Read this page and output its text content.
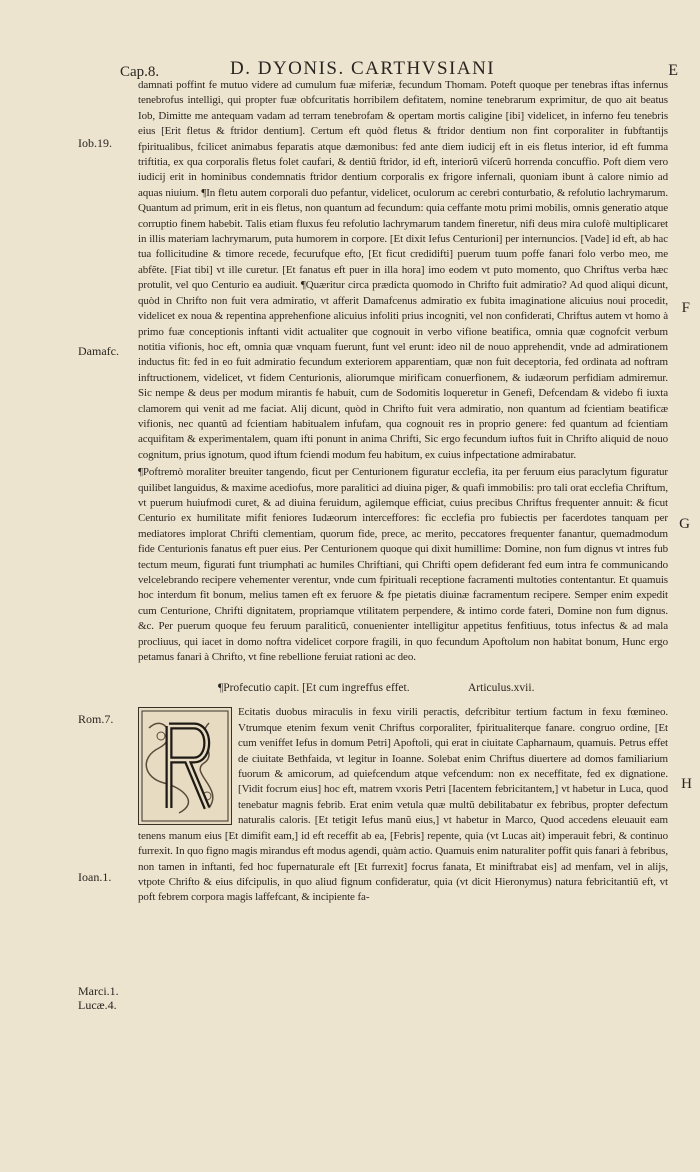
Cap.8.	D. DYONIS. CARTHVSIANI	E
Iob.19.
Damafc.
Rom.7.
Ioan.1.
Marci.1.
Lucæ.4.
F
G
H

damnati poffint fe mutuo videre ad cumulum fuæ miferiæ, fecundum Thomam. Poteft quoque per tenebras iftas infernus tenebrofus intelligi, qui propter fuæ obfcuritatis horribilem defitatem, nomine tenebrarum exprimitur, de quo ait beatus Iob, Dimitte me antequam vadam ad terram tenebrofam & opertam mortis caligine [ibi] videlicet, in inferno feu tenebris eius [Erit fletus & ftridor dentium]. Certum eft quòd fletus & ftridor dentium non fint corporaliter in fubftantijs fpiritualibus, fcilicet animabus feparatis atque dæmonibus: fed ante diem iudicij eft in eis fletus interior, id eft fumma triftitia, ex qua corporalis fletus folet caufari, & dentiũ ftridor, id eft, interiorũ viſcerũ horrenda concuffio. Poft diem vero iudicij erit in hominibus condemnatis ftridor dentium corporalis ex frigore infernali, quoniam ibunt à calore nimio ad aquas niuium. ¶In fletu autem corporali duo pefantur, videlicet, oculorum ac cerebri conturbatio, & refolutio lachrymarum. Quantum ad primum, erit in eis fletus, non quantum ad fecundum: quia ceffante motu primi mobilis, omnis generatio atque corruptio finem habebit. Talis etiam fluxus feu refolutio lachrymarum tandem fineretur, nifi deus mira culofè multiplicaret in illis materiam lachrymarum, puta humorem in corpore. [Et dixit Iefus Centurioni] per internuncios. [Vade] id eft, ab hac tua follicitudine & timore recede, fecurufque efto, [Et ficut credidifti] puerum tuum poffe fanari folo verbo meo, me abfẽte. [Fiat tibi] vt ille curetur. [Et fanatus eft puer in illa hora] imo eodem vt puto momento, quo Chriftus verba hæc protulit, vel quo Centurio ea audiuit. ¶Quæritur circa prædicta quomodo in Chrifto fuit admiratio? Ad quod aliqui dicunt, quòd in Chrifto non fuit vera admiratio, vt afferit Damafcenus admiratio ex fubita imaginatione alicuius noui procedit, videlicet ex noua & repentina apprehenfione alicuius infoliti prius incogniti, vel non confiderati, Chriftus autem vt homo à primo fuæ conceptionis inftanti vidit actualiter que cognouit in verbo vifione beatifica, omnia quæ cognofcit verbum notitia vifionis, hoc eft, omnia quæ vnquam fuerunt, funt vel erunt: ideo nil de nouo apprehendit, vnde ad admirationem inductus fit: fed in eo fuit admiratio fecundum exteriorem apparentiam, quæ non fuit deceptoria, fed ordinata ad noftram inftructionem, videlicet, vt fidem Centurionis, aliorumque mirificam conuerfionem, & iudæorum perfidiam admiremur. Sic nempe & deus per modum mirantis fe habuit, cum de Sodomitis loqueretur in Genefi, Defcendam & videbo fi iuxta clamorem qui venit ad me faciat. Alij dicunt, quòd in Chrifto fuit vera admiratio, non quantum ad fcientiam beatificæ vifionis, nec quantũ ad fcientiam habitualem infufam, qua cognouit res in proprio genere: fed quantum ad fcientiam acquifitam & experimentalem, quam ifti ponunt in anima Chrifti, Sic ergo fecundum iuftos fuit in Chrifto aliquid de nouo cognitum, prius ignotum, quod iftum fciendi modum feu habitum, ex cuius infpectatione admirabatur.

¶Poftremò moraliter breuiter tangendo, ficut per Centurionem figuratur ecclefia, ita per feruum eius paraclytum figuratur quilibet languidus, & maxime acediofus, more paralitici ad diuina piger, & quafi immobilis: pro tali orat ecclefia Chriftum, vt puerum huiufmodi curet, & ad diuina feruidum, agilemque efficiat, cuius precibus Chriftus frequenter annuit: & ficut Centurio ex humilitate mifit feniores Iudæorum interceffores: fic ecclefia pro fubiectis per facerdotes tanquam per mediatores implorat Chrifti clementiam, quorum fide, prece, ac merito, peccatores frequenter fanantur, quemadmodum fide Centurionis fanatus eft puer eius. Per Centurionem quoque qui dixit humillime: Domine, non fum dignus vt intres fub tectum meum, figurati funt triumphati ac humiles Chriftiani, qui Chrifti opem defiderant fed eum intra fe communicando velcelebrando recipere vehementer verentur, vnde cum fpirituali receptione facramenti multoties contentantur. Et quamuis hoc interdum fit bonum, melius tamen eft ex feruore & fpe pietatis diuinæ facramentum recipere. Semper enim expedit cum Centurione, Chrifti dignitatem, propriamque vtilitatem perpendere, & intimo corde fateri, Domine non fum dignus. &c. Per puerum quoque feu feruum paraliticũ, conuenienter intelligitur appetitus fenfitiuus, totus infectus & ad mala procliuus, qui iacet in domo noftra videlicet corpore fragili, in quo fecundum Apoftolum non habitat bonum, Hunc ergo petamus fanari à Chrifto, vt fine rebellione feruiat rationi ac deo.

¶Profecutio capit. [Et cum ingreffus effet.	Articulus.xvii.

Ecitatis duobus miraculis in fexu virili peractis, defcribitur tertium factum in fexu fœmineo. Vtrumque etenim fexum venit Chriftus corporaliter, fpiritualiterque fanare. congruo ordine, [Et cum veniffet Iefus in domum Petri] Apoftoli, qui erat in ciuitate Capharnaum, quamuis. Petrus effet de ciuitate Bethfaida, vt legitur in Ioanne. Solebat enim Chriftus diuertere ad domos familiarium fuorum & amicorum, ad quiefcendum atque vefcendum: non ex neceffitate, fed ex dignatione. [Vidit focrum eius] hoc eft, matrem vxoris Petri [Iacentem febricitantem,] vt habetur in Luca, quod tenebatur magnis febrib. Erat enim vetula quæ multũ debilitabatur ex febribus, propter defectum naturalis caloris. [Et tetigit Iefus manũ eius,] vt habetur in Marco, Quod accedens eleuauit eam tenens manum eius [Et dimifit eam,] id eft receffit ab ea, [Febris] repente, quia (vt Lucas ait) imperauit febri, & continuo furrexit. In quo figno magis mirandus eft modus agendi, quàm actio. Quamuis enim naturaliter poffit quis fanari à febribus, non tamen in inftanti, fed hoc fupernaturale eft [Et furrexit] focrus fanata, Et miniftrabat eis] ad menfam, vel in alijs, vtpote Chrifto & eius difcipulis, in quo aliud fignum confideratur, quia (vt dicit Hieronymus) natura febricitantiũ eft, vt poft febrem corpora magis laffefcant, & incipiente fa-
